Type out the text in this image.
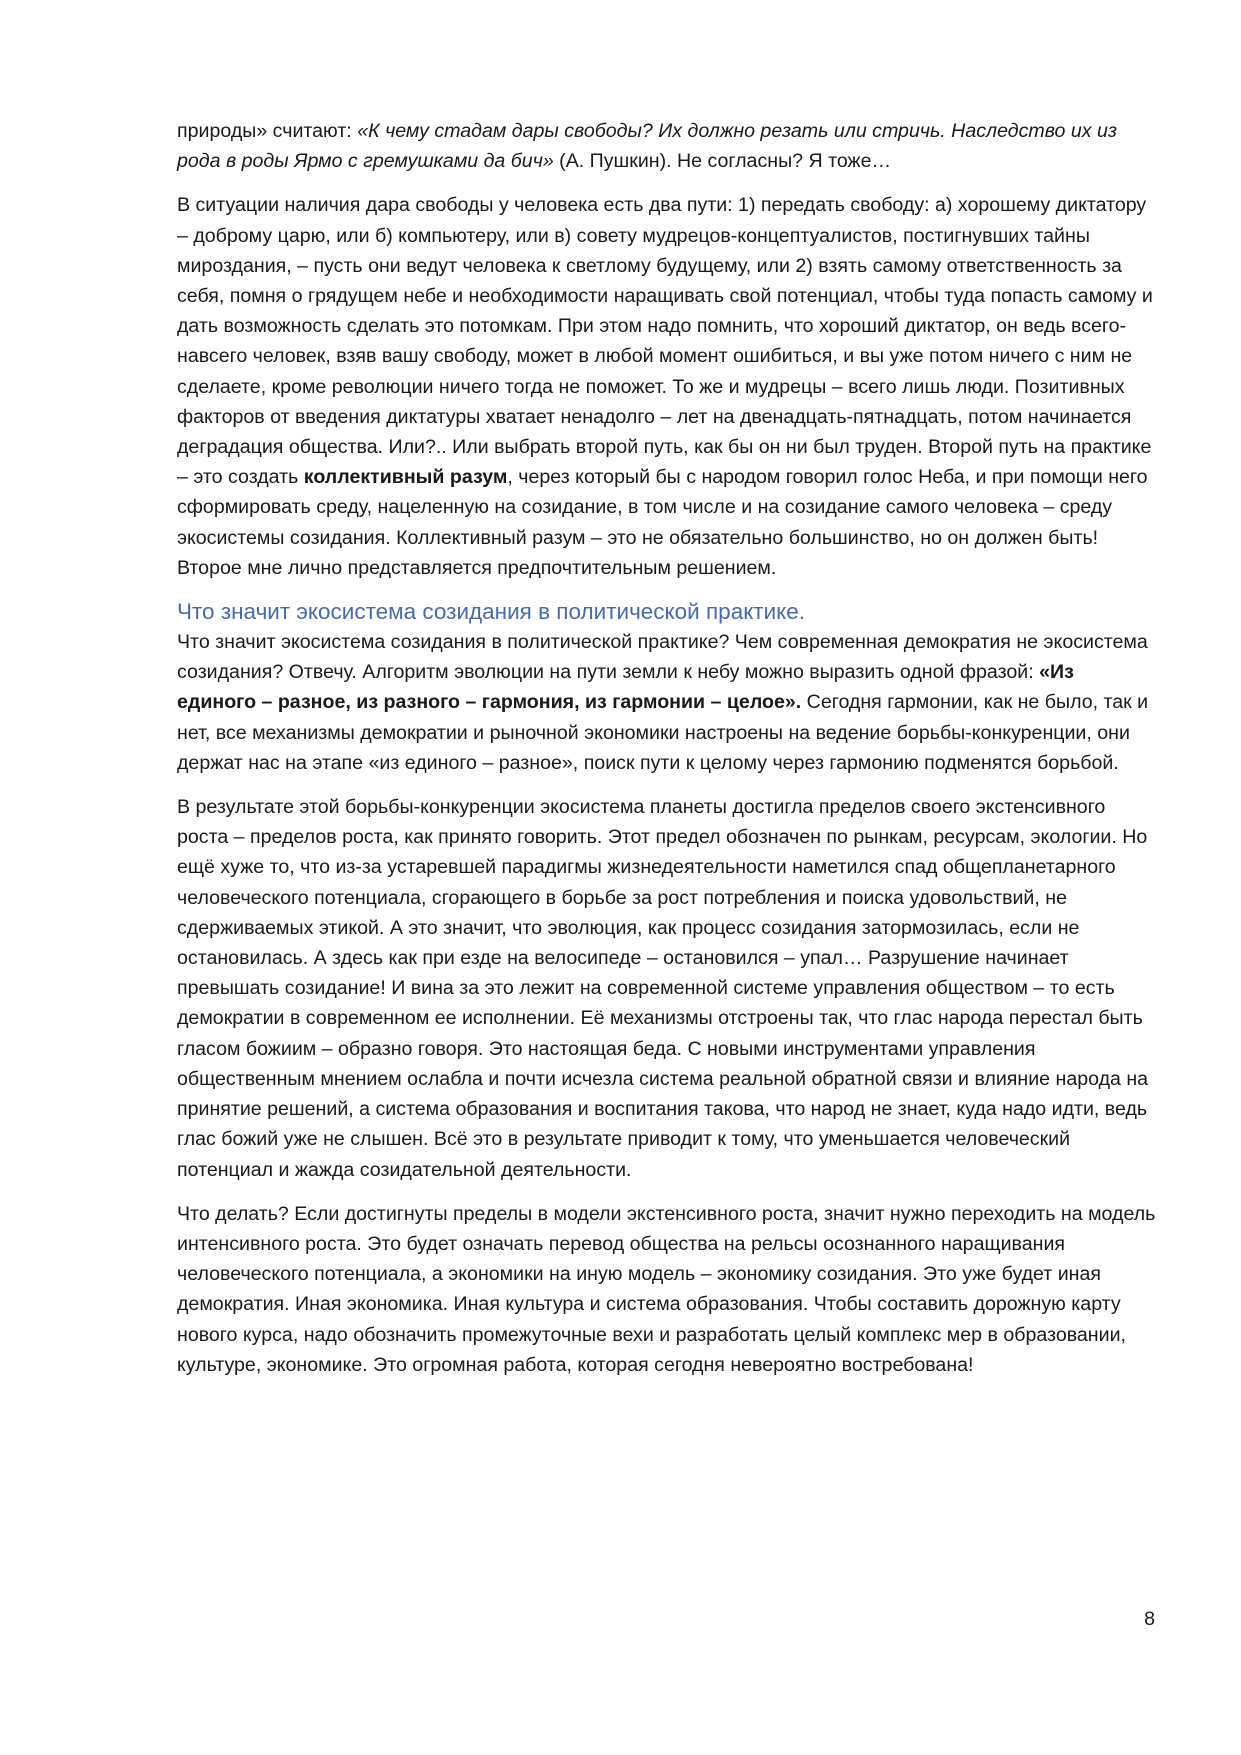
природы» считают: «К чему стадам дары свободы? Их должно резать или стричь. Наследство их из рода в роды Ярмо с гремушками да бич» (А. Пушкин). Не согласны? Я тоже…

В ситуации наличия дара свободы у человека есть два пути: 1) передать свободу: а) хорошему диктатору – доброму царю, или б) компьютеру, или в) совету мудрецов-концептуалистов, постигнувших тайны мироздания, – пусть они ведут человека к светлому будущему, или 2) взять самому ответственность за себя, помня о грядущем небе и необходимости наращивать свой потенциал, чтобы туда попасть самому и дать возможность сделать это потомкам. При этом надо помнить, что хороший диктатор, он ведь всего-навсего человек, взяв вашу свободу, может в любой момент ошибиться, и вы уже потом ничего с ним не сделаете, кроме революции ничего тогда не поможет. То же и мудрецы – всего лишь люди. Позитивных факторов от введения диктатуры хватает ненадолго – лет на двенадцать-пятнадцать, потом начинается деградация общества. Или?.. Или выбрать второй путь, как бы он ни был труден. Второй путь на практике – это создать коллективный разум, через который бы с народом говорил голос Неба, и при помощи него сформировать среду, нацеленную на созидание, в том числе и на созидание самого человека – среду экосистемы созидания. Коллективный разум – это не обязательно большинство, но он должен быть! Второе мне лично представляется предпочтительным решением.

Что значит экосистема созидания в политической практике.

Что значит экосистема созидания в политической практике? Чем современная демократия не экосистема созидания? Отвечу. Алгоритм эволюции на пути земли к небу можно выразить одной фразой: «Из единого – разное, из разного – гармония, из гармонии – целое». Сегодня гармонии, как не было, так и нет, все механизмы демократии и рыночной экономики настроены на ведение борьбы-конкуренции, они держат нас на этапе «из единого – разное», поиск пути к целому через гармонию подменятся борьбой.

В результате этой борьбы-конкуренции экосистема планеты достигла пределов своего экстенсивного роста – пределов роста, как принято говорить. Этот предел обозначен по рынкам, ресурсам, экологии. Но ещё хуже то, что из-за устаревшей парадигмы жизнедеятельности наметился спад общепланетарного человеческого потенциала, сгорающего в борьбе за рост потребления и поиска удовольствий, не сдерживаемых этикой. А это значит, что эволюция, как процесс созидания затормозилась, если не остановилась. А здесь как при езде на велосипеде – остановился – упал… Разрушение начинает превышать созидание! И вина за это лежит на современной системе управления обществом – то есть демократии в современном ее исполнении. Её механизмы отстроены так, что глас народа перестал быть гласом божиим – образно говоря. Это настоящая беда. С новыми инструментами управления общественным мнением ослабла и почти исчезла система реальной обратной связи и влияние народа на принятие решений, а система образования и воспитания такова, что народ не знает, куда надо идти, ведь глас божий уже не слышен. Всё это в результате приводит к тому, что уменьшается человеческий потенциал и жажда созидательной деятельности.

Что делать? Если достигнуты пределы в модели экстенсивного роста, значит нужно переходить на модель интенсивного роста. Это будет означать перевод общества на рельсы осознанного наращивания человеческого потенциала, а экономики на иную модель – экономику созидания. Это уже будет иная демократия. Иная экономика. Иная культура и система образования. Чтобы составить дорожную карту нового курса, надо обозначить промежуточные вехи и разработать целый комплекс мер в образовании, культуре, экономике. Это огромная работа, которая сегодня невероятно востребована!

8
